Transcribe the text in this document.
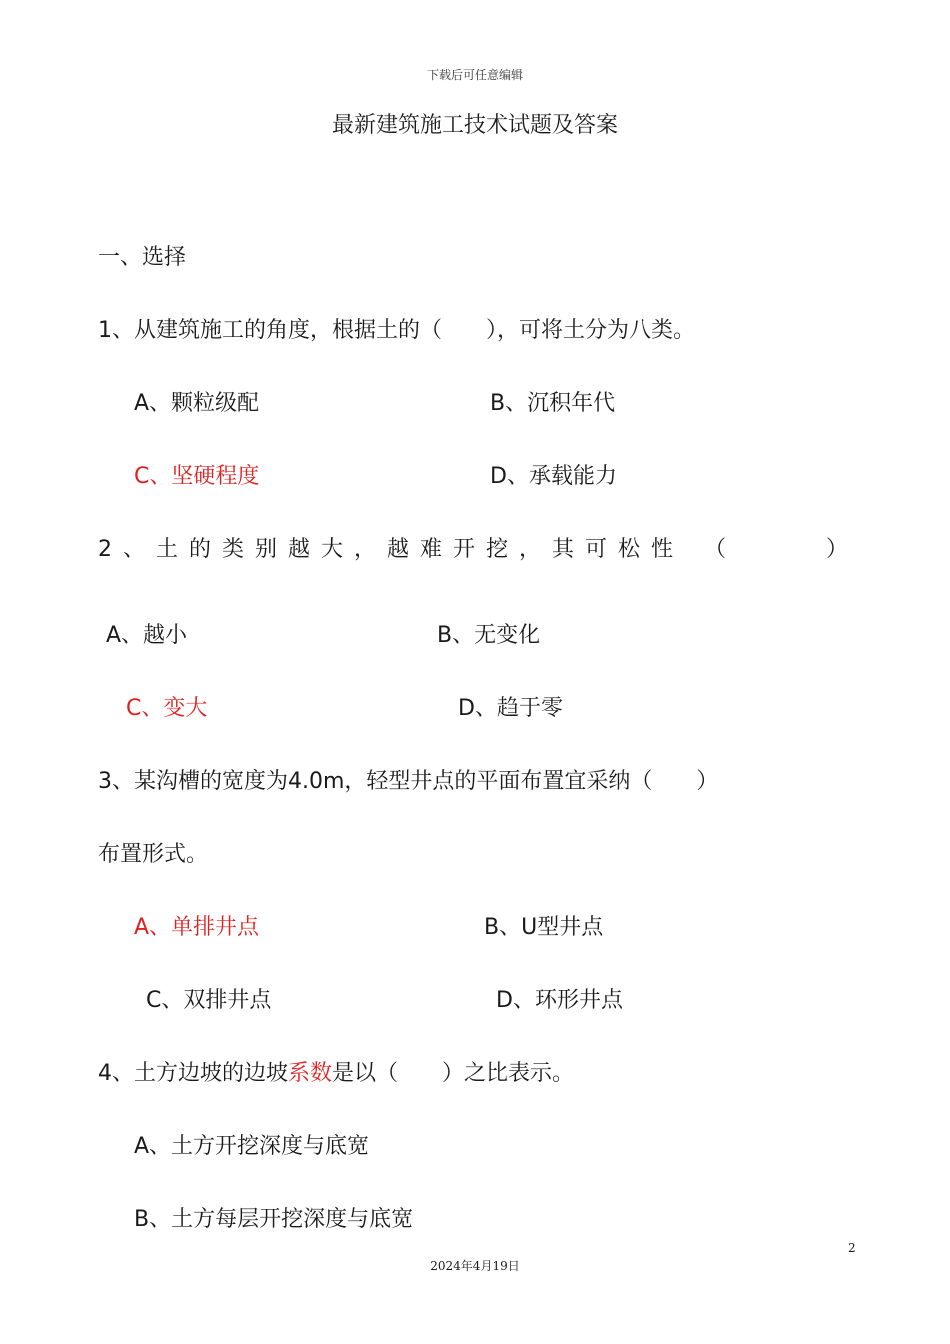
下载后可任意编辑
最新建筑施工技术试题及答案
一、选择
1、从建筑施工的角度，根据土的（　　），可将土分为八类。
A、颗粒级配	B、沉积年代
C、坚硬程度	D、承载能力
2、土的类别越大，越难开挖，其可松性 （	）
A、越小	B、无变化
C、变大	D、趋于零
3、某沟槽的宽度为4.0m，轻型井点的平面布置宜采纳（　　）
布置形式。
A、单排井点	B、U型井点
C、双排井点	D、环形井点
4、土方边坡的边坡系数是以（　　）之比表示。
A、土方开挖深度与底宽
B、土方每层开挖深度与底宽
2
2024年4月19日
